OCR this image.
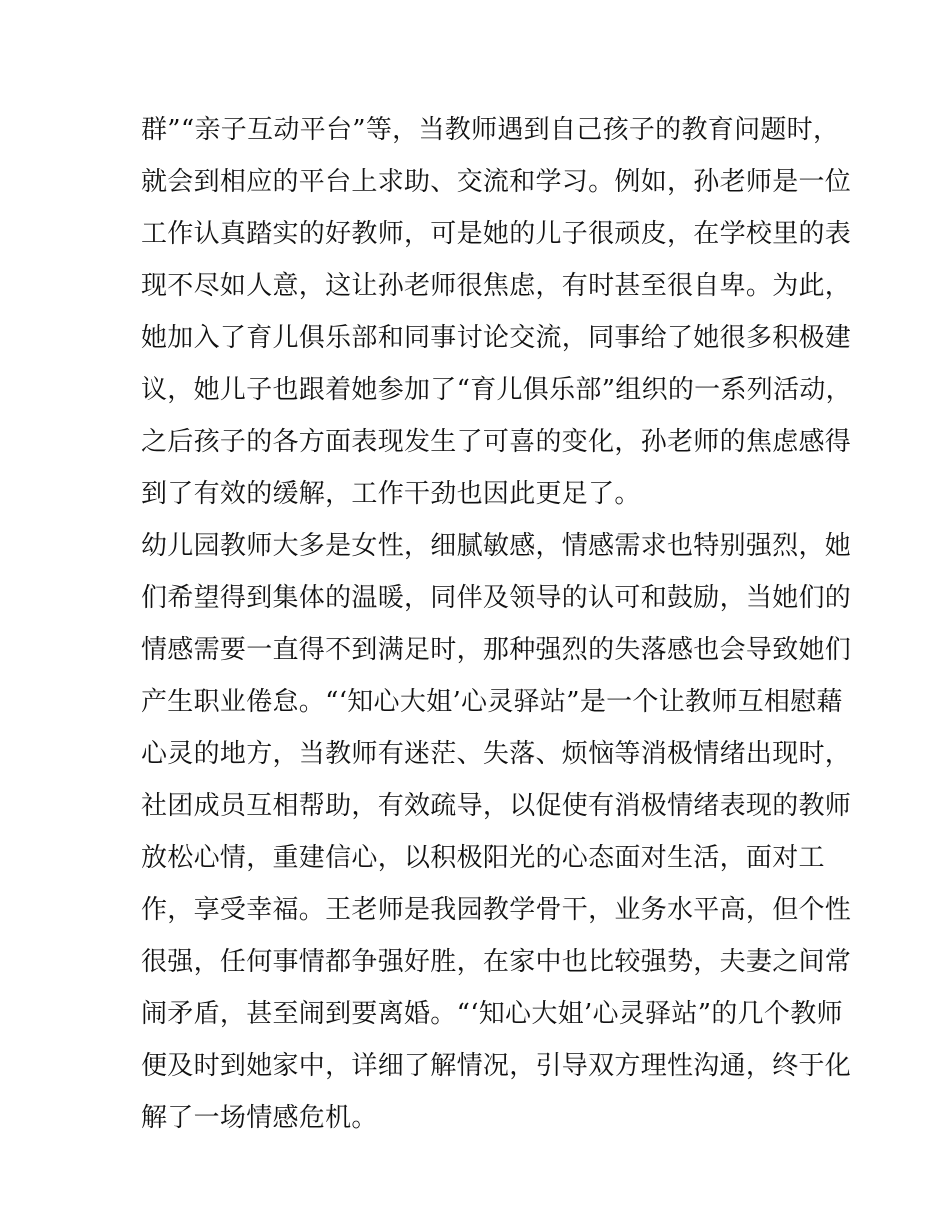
群”“亲子互动平台”等，当教师遇到自己孩子的教育问题时，
就会到相应的平台上求助、交流和学习。例如，孙老师是一位
工作认真踏实的好教师，可是她的儿子很顽皮，在学校里的表
现不尽如人意，这让孙老师很焦虑，有时甚至很自卑。为此，
她加入了育儿俱乐部和同事讨论交流，同事给了她很多积极建
议，她儿子也跟着她参加了“育儿俱乐部”组织的一系列活动，
之后孩子的各方面表现发生了可喜的变化，孙老师的焦虑感得
到了有效的缓解，工作干劲也因此更足了。
幼儿园教师大多是女性，细腻敏感，情感需求也特别强烈，她
们希望得到集体的温暖，同伴及领导的认可和鼓励，当她们的
情感需要一直得不到满足时，那种强烈的失落感也会导致她们
产生职业倦怠。“‘知心大姐’心灵驿站”是一个让教师互相慰藉
心灵的地方，当教师有迷茫、失落、烦恼等消极情绪出现时，
社团成员互相帮助，有效疏导，以促使有消极情绪表现的教师
放松心情，重建信心，以积极阳光的心态面对生活，面对工
作，享受幸福。王老师是我园教学骨干，业务水平高，但个性
很强，任何事情都争强好胜，在家中也比较强势，夫妻之间常
闹矛盾，甚至闹到要离婚。“‘知心大姐’心灵驿站”的几个教师
便及时到她家中，详细了解情况，引导双方理性沟通，终于化
解了一场情感危机。
